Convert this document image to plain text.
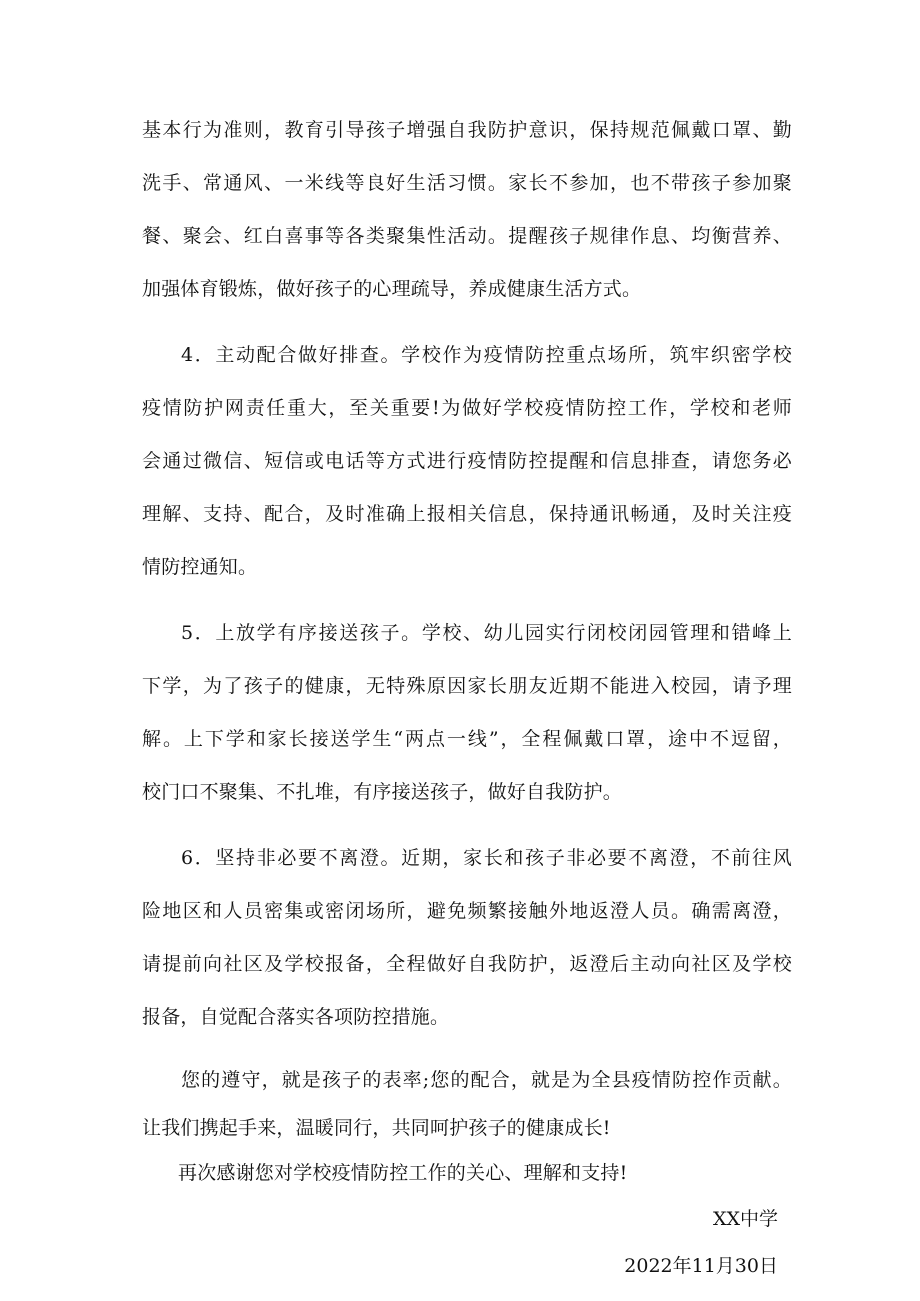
基本行为准则，教育引导孩子增强自我防护意识，保持规范佩戴口罩、勤
洗手、常通风、一米线等良好生活习惯。家长不参加，也不带孩子参加聚
餐、聚会、红白喜事等各类聚集性活动。提醒孩子规律作息、均衡营养、
加强体育锻炼，做好孩子的心理疏导，养成健康生活方式。
4．主动配合做好排查。学校作为疫情防控重点场所，筑牢织密学校
疫情防护网责任重大，至关重要!为做好学校疫情防控工作，学校和老师
会通过微信、短信或电话等方式进行疫情防控提醒和信息排查，请您务必
理解、支持、配合，及时准确上报相关信息，保持通讯畅通，及时关注疫
情防控通知。
5．上放学有序接送孩子。学校、幼儿园实行闭校闭园管理和错峰上
下学，为了孩子的健康，无特殊原因家长朋友近期不能进入校园，请予理
解。上下学和家长接送学生“两点一线”，全程佩戴口罩，途中不逗留，
校门口不聚集、不扎堆，有序接送孩子，做好自我防护。
6．坚持非必要不离澄。近期，家长和孩子非必要不离澄，不前往风
险地区和人员密集或密闭场所，避免频繁接触外地返澄人员。确需离澄，
请提前向社区及学校报备，全程做好自我防护，返澄后主动向社区及学校
报备，自觉配合落实各项防控措施。
您的遵守，就是孩子的表率;您的配合，就是为全县疫情防控作贡献。
让我们携起手来，温暖同行，共同呵护孩子的健康成长!
再次感谢您对学校疫情防控工作的关心、理解和支持!
XX中学
2022年11月30日
